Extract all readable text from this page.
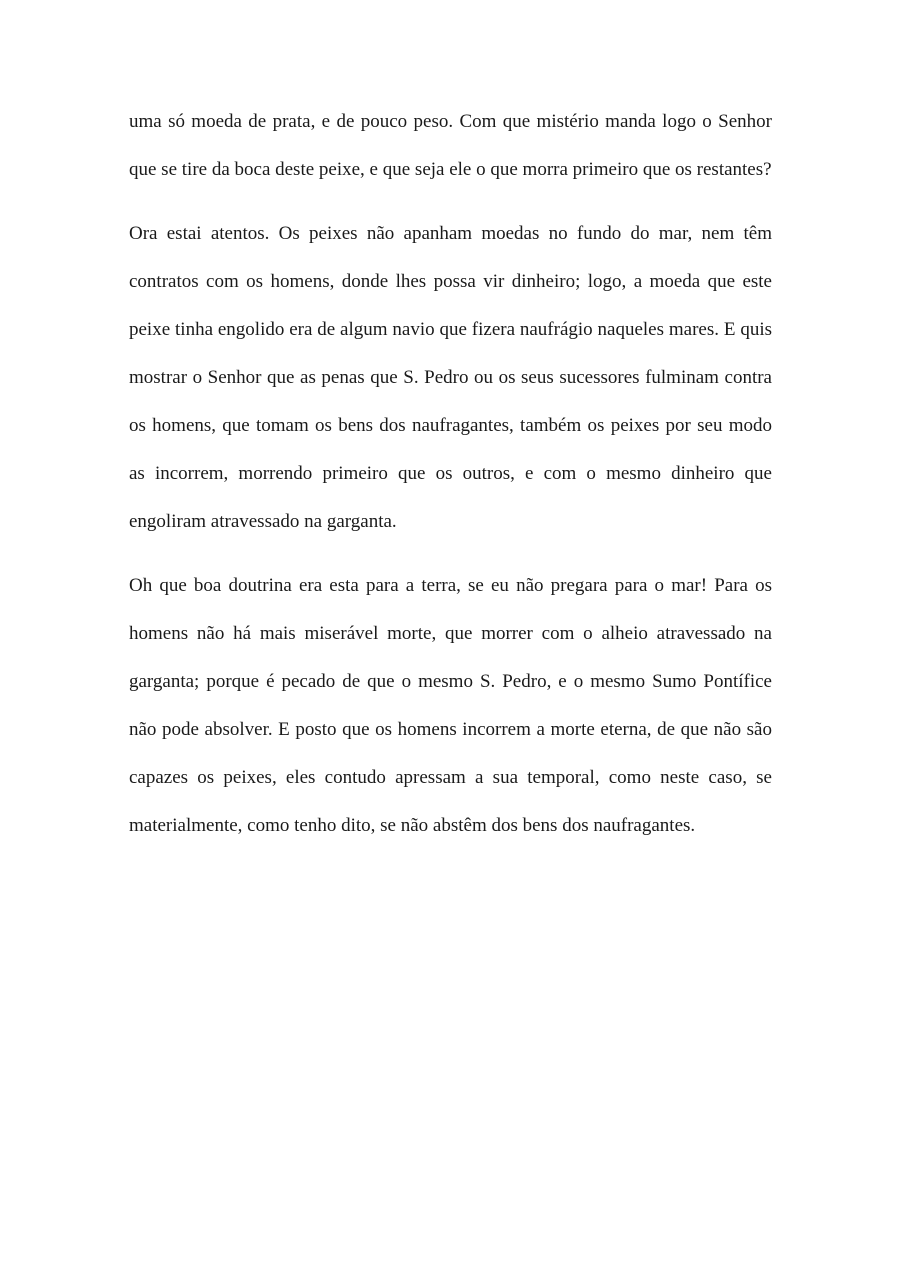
uma só moeda de prata, e de pouco peso. Com que mistério manda logo o Senhor que se tire da boca deste peixe, e que seja ele o que morra primeiro que os restantes?

Ora estai atentos. Os peixes não apanham moedas no fundo do mar, nem têm contratos com os homens, donde lhes possa vir dinheiro; logo, a moeda que este peixe tinha engolido era de algum navio que fizera naufrágio naqueles mares. E quis mostrar o Senhor que as penas que S. Pedro ou os seus sucessores fulminam contra os homens, que tomam os bens dos naufragantes, também os peixes por seu modo as incorrem, morrendo primeiro que os outros, e com o mesmo dinheiro que engoliram atravessado na garganta.

Oh que boa doutrina era esta para a terra, se eu não pregara para o mar! Para os homens não há mais miserável morte, que morrer com o alheio atravessado na garganta; porque é pecado de que o mesmo S. Pedro, e o mesmo Sumo Pontífice não pode absolver. E posto que os homens incorrem a morte eterna, de que não são capazes os peixes, eles contudo apressam a sua temporal, como neste caso, se materialmente, como tenho dito, se não abstêm dos bens dos naufragantes.
